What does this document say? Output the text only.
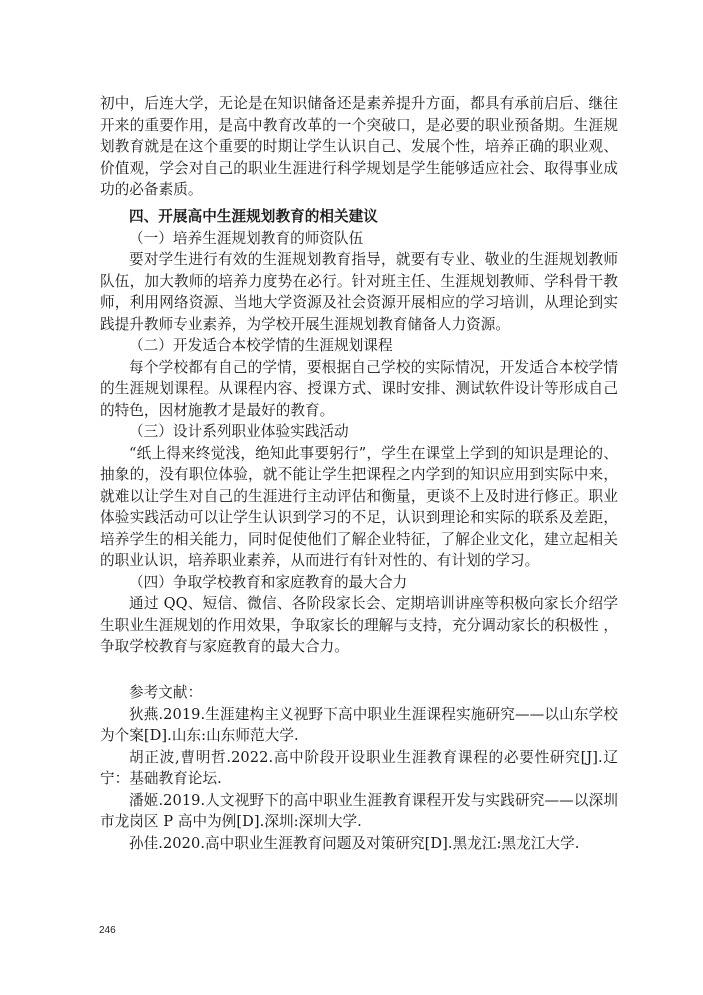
初中，后连大学，无论是在知识储备还是素养提升方面，都具有承前启后、继往开来的重要作用，是高中教育改革的一个突破口，是必要的职业预备期。生涯规划教育就是在这个重要的时期让学生认识自己、发展个性，培养正确的职业观、价值观，学会对自己的职业生涯进行科学规划是学生能够适应社会、取得事业成功的必备素质。

四、开展高中生涯规划教育的相关建议

（一）培养生涯规划教育的师资队伍

要对学生进行有效的生涯规划教育指导，就要有专业、敬业的生涯规划教师队伍，加大教师的培养力度势在必行。针对班主任、生涯规划教师、学科骨干教师，利用网络资源、当地大学资源及社会资源开展相应的学习培训，从理论到实践提升教师专业素养，为学校开展生涯规划教育储备人力资源。

（二）开发适合本校学情的生涯规划课程

每个学校都有自己的学情，要根据自己学校的实际情况，开发适合本校学情的生涯规划课程。从课程内容、授课方式、课时安排、测试软件设计等形成自己的特色，因材施教才是最好的教育。

（三）设计系列职业体验实践活动

“纸上得来终觉浅，绝知此事要躬行”，学生在课堂上学到的知识是理论的、抽象的，没有职位体验，就不能让学生把课程之内学到的知识应用到实际中来，就难以让学生对自己的生涯进行主动评估和衡量，更谈不上及时进行修正。职业体验实践活动可以让学生认识到学习的不足，认识到理论和实际的联系及差距，培养学生的相关能力，同时促使他们了解企业特征，了解企业文化，建立起相关的职业认识，培养职业素养，从而进行有针对性的、有计划的学习。

（四）争取学校教育和家庭教育的最大合力

通过 QQ、短信、微信、各阶段家长会、定期培训讲座等积极向家长介绍学生职业生涯规划的作用效果，争取家长的理解与支持，充分调动家长的积极性 ，争取学校教育与家庭教育的最大合力。

参考文献：

狄燕.2019.生涯建构主义视野下高中职业生涯课程实施研究——以山东学校为个案[D].山东:山东师范大学.

胡正波,曹明哲.2022.高中阶段开设职业生涯教育课程的必要性研究[J].辽宁：基础教育论坛.

潘姬.2019.人文视野下的高中职业生涯教育课程开发与实践研究——以深圳市龙岗区 P 高中为例[D].深圳:深圳大学.

孙佳.2020.高中职业生涯教育问题及对策研究[D].黑龙江:黑龙江大学.

246
